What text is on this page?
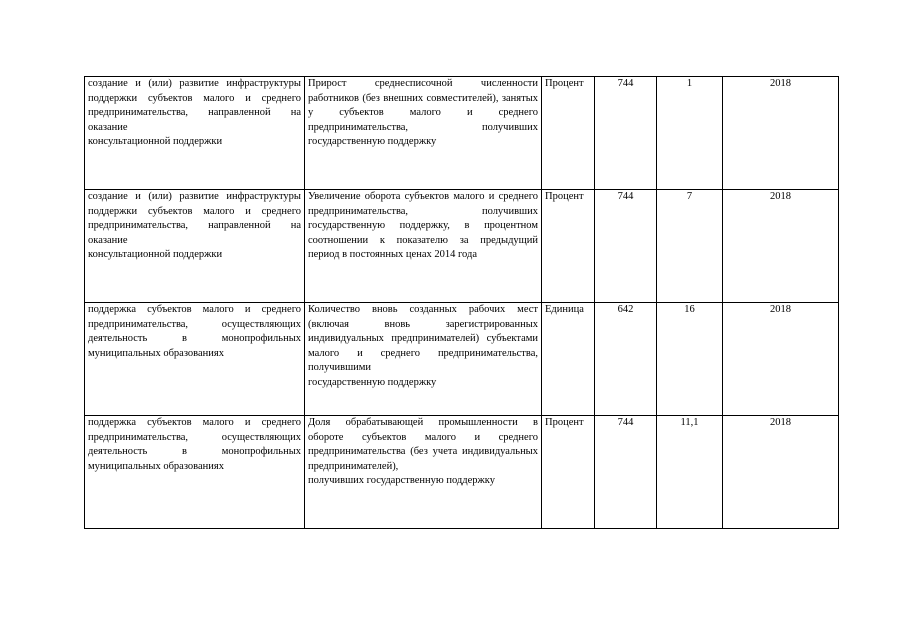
создание и (или) развитие инфраструктуры поддержки субъектов малого и среднего предпринимательства, направленной на оказание
консультационной поддержки	Прирост среднесписочной численности работников (без внешних совместителей), занятых у субъектов малого и среднего предпринимательства, получивших
государственную поддержку	Процент	744	1	2018
создание и (или) развитие инфраструктуры поддержки субъектов малого и среднего предпринимательства, направленной на оказание
консультационной поддержки	Увеличение оборота субъектов малого и среднего предпринимательства, получивших государственную поддержку, в процентном соотношении к показателю за предыдущий
период в постоянных ценах 2014 года	Процент	744	7	2018
поддержка субъектов малого и среднего предпринимательства, осуществляющих деятельность в монопрофильных
муниципальных образованиях	Количество вновь созданных рабочих мест (включая вновь зарегистрированных индивидуальных предпринимателей) субъектами малого и среднего предпринимательства, получившими
государственную поддержку	Единица	642	16	2018
поддержка субъектов малого и среднего предпринимательства, осуществляющих деятельность в монопрофильных
муниципальных образованиях	Доля обрабатывающей промышленности в обороте субъектов малого и среднего предпринимательства (без учета индивидуальных предпринимателей),
получивших государственную поддержку	Процент	744	11,1	2018
